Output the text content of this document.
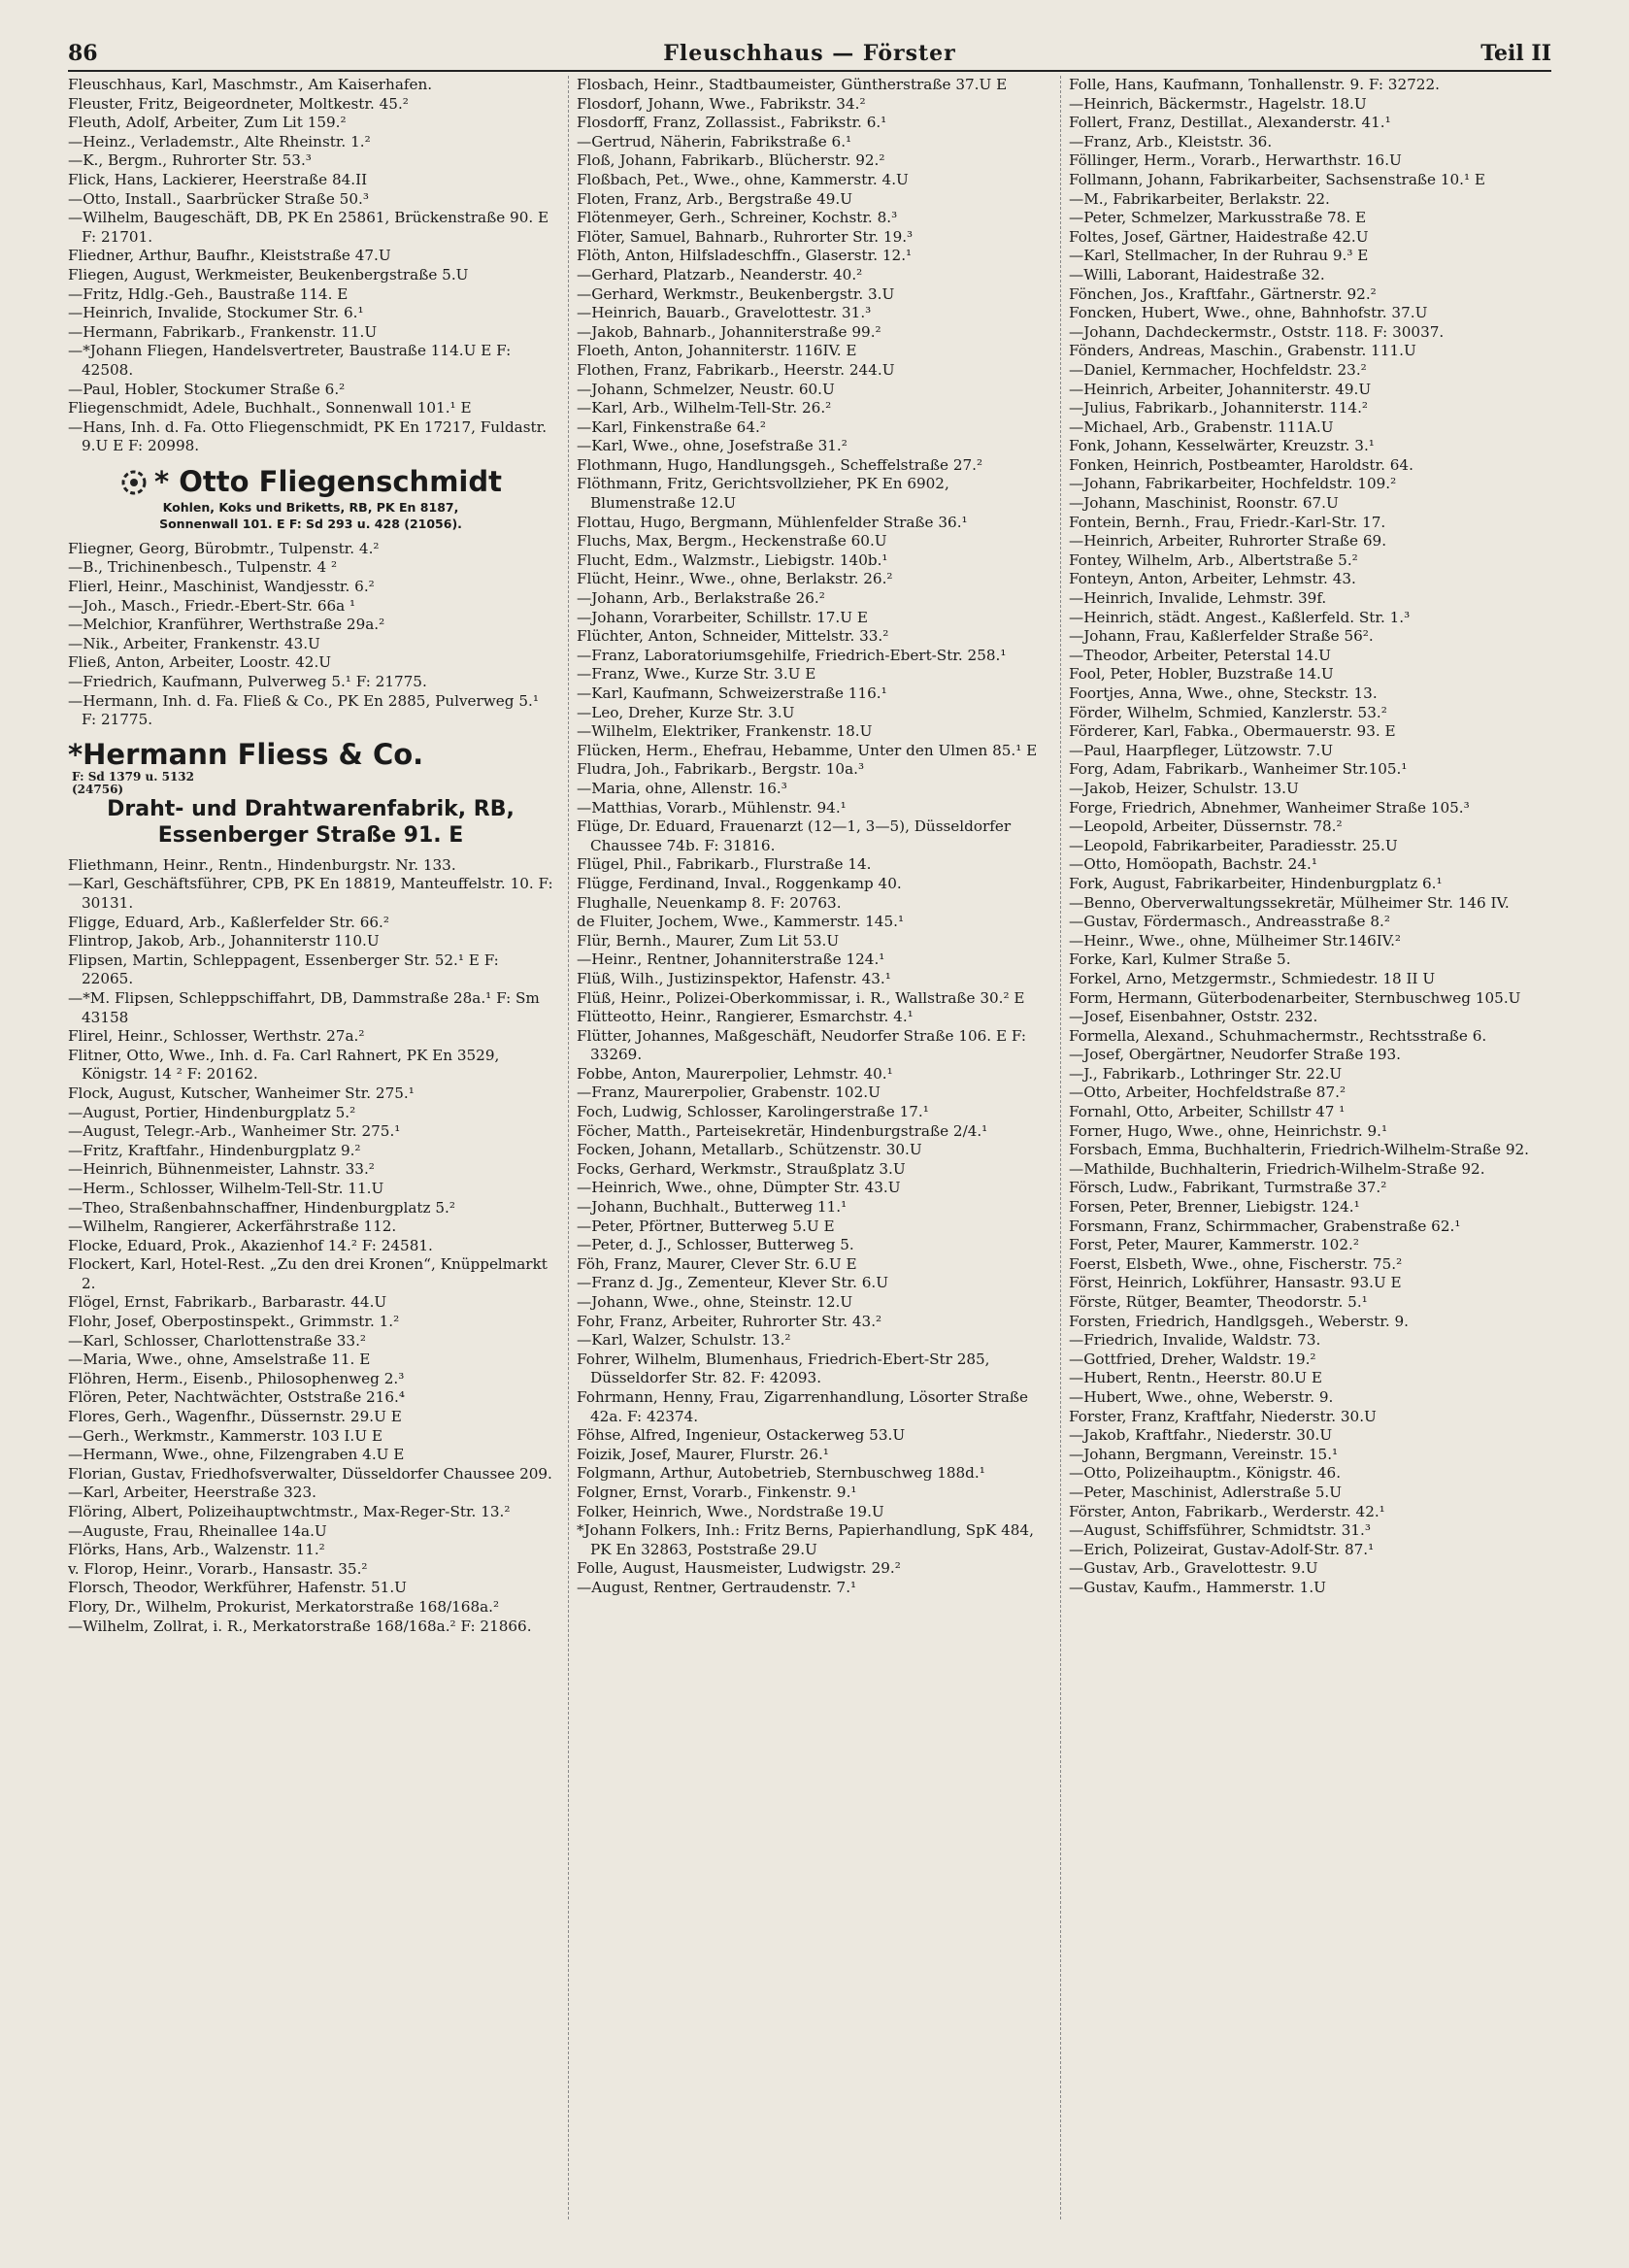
86	Fleuschhaus — Förster	Teil II
Fleuschhaus, Karl, Maschmstr., Am Kaiserhafen.
Fleuster, Fritz, Beigeordneter, Moltkestr. 45.²
Fleuth, Adolf, Arbeiter, Zum Lit 159.²
—Heinz., Verlademstr., Alte Rheinstr. 1.²
—K., Bergm., Ruhrorter Str. 53.³
Flick, Hans, Lackierer, Heerstraße 84.II
—Otto, Install., Saarbrücker Straße 50.³
—Wilhelm, Baugeschäft, DB, PK En 25861, Brückenstraße 90. E F: 21701.
Fliedner, Arthur, Baufhr., Kleiststraße 47.U
Fliegen, August, Werkmeister, Beukenbergstraße 5.U
—Fritz, Hdlg.-Geh., Baustraße 114. E
—Heinrich, Invalide, Stockumer Str. 6.¹
—Hermann, Fabrikarb., Frankenstr. 11.U
—*Johann Fliegen, Handelsvertreter, Baustraße 114.U E F: 42508.
—Paul, Hobler, Stockumer Straße 6.²
Fliegenschmidt, Adele, Buchhalt., Sonnenwall 101.¹ E
—Hans, Inh. d. Fa. Otto Fliegenschmidt, PK En 17217, Fuldastr. 9.U E F: 20998.
* Otto Fliegenschmidt
Kohlen, Koks und Briketts, RB, PK En 8187,
Sonnenwall 101. E F: Sd 293 u. 428 (21056).
Fliegner, Georg, Bürobmtr., Tulpenstr. 4.²
—B., Trichinenbesch., Tulpenstr. 4 ²
Flierl, Heinr., Maschinist, Wandjesstr. 6.²
—Joh., Masch., Friedr.-Ebert-Str. 66a ¹
—Melchior, Kranführer, Werthstraße 29a.²
—Nik., Arbeiter, Frankenstr. 43.U
Fließ, Anton, Arbeiter, Loostr. 42.U
—Friedrich, Kaufmann, Pulverweg 5.¹ F: 21775.
—Hermann, Inh. d. Fa. Fließ & Co., PK En 2885, Pulverweg 5.¹ F: 21775.
*Hermann Fliess & Co. F: Sd 1379 u. 5132
(24756)
Draht- und Drahtwarenfabrik, RB,
Essenberger Straße 91. E
Fliethmann, Heinr., Rentn., Hindenburgstr. Nr. 133.
—Karl, Geschäftsführer, CPB, PK En 18819, Manteuffelstr. 10. F: 30131.
Fligge, Eduard, Arb., Kaßlerfelder Str. 66.²
Flintrop, Jakob, Arb., Johanniterstr 110.U
Flipsen, Martin, Schleppagent, Essenberger Str. 52.¹ E F: 22065.
—*M. Flipsen, Schleppschiffahrt, DB, Dammstraße 28a.¹ F: Sm 43158
Flirel, Heinr., Schlosser, Werthstr. 27a.²
Flitner, Otto, Wwe., Inh. d. Fa. Carl Rahnert, PK En 3529, Königstr. 14 ² F: 20162.
Flock, August, Kutscher, Wanheimer Str. 275.¹
—August, Portier, Hindenburgplatz 5.²
—August, Telegr.-Arb., Wanheimer Str. 275.¹
—Fritz, Kraftfahr., Hindenburgplatz 9.²
—Heinrich, Bühnenmeister, Lahnstr. 33.²
—Herm., Schlosser, Wilhelm-Tell-Str. 11.U
—Theo, Straßenbahnschaffner, Hindenburgplatz 5.²
—Wilhelm, Rangierer, Ackerfährstraße 112.
Flocke, Eduard, Prok., Akazienhof 14.² F: 24581.
Flockert, Karl, Hotel-Rest. „Zu den drei Kronen“, Knüppelmarkt 2.
Flögel, Ernst, Fabrikarb., Barbarastr. 44.U
Flohr, Josef, Oberpostinspekt., Grimmstr. 1.²
—Karl, Schlosser, Charlottenstraße 33.²
—Maria, Wwe., ohne, Amselstraße 11. E
Flöhren, Herm., Eisenb., Philosophenweg 2.³
Flören, Peter, Nachtwächter, Oststraße 216.⁴
Flores, Gerh., Wagenfhr., Düssernstr. 29.U E
—Gerh., Werkmstr., Kammerstr. 103 I.U E
—Hermann, Wwe., ohne, Filzengraben 4.U E
Florian, Gustav, Friedhofsverwalter, Düsseldorfer Chaussee 209.
—Karl, Arbeiter, Heerstraße 323.
Flöring, Albert, Polizeihauptwchtmstr., Max-Reger-Str. 13.²
—Auguste, Frau, Rheinallee 14a.U
Flörks, Hans, Arb., Walzenstr. 11.²
v. Florop, Heinr., Vorarb., Hansastr. 35.²
Florsch, Theodor, Werkführer, Hafenstr. 51.U
Flory, Dr., Wilhelm, Prokurist, Merkatorstraße 168/168a.²
—Wilhelm, Zollrat, i. R., Merkatorstraße 168/168a.² F: 21866.
Flosbach, Heinr., Stadtbaumeister, Güntherstraße 37.U E
Flosdorf, Johann, Wwe., Fabrikstr. 34.²
Flosdorff, Franz, Zollassist., Fabrikstr. 6.¹
—Gertrud, Näherin, Fabrikstraße 6.¹
Floß, Johann, Fabrikarb., Blücherstr. 92.²
Floßbach, Pet., Wwe., ohne, Kammerstr. 4.U
Floten, Franz, Arb., Bergstraße 49.U
Flötenmeyer, Gerh., Schreiner, Kochstr. 8.³
Flöter, Samuel, Bahnarb., Ruhrorter Str. 19.³
Flöth, Anton, Hilfsladeschffn., Glaserstr. 12.¹
—Gerhard, Platzarb., Neanderstr. 40.²
—Gerhard, Werkmstr., Beukenbergstr. 3.U
—Heinrich, Bauarb., Gravelottestr. 31.³
—Jakob, Bahnarb., Johanniterstraße 99.²
Floeth, Anton, Johanniterstr. 116IV. E
Flothen, Franz, Fabrikarb., Heerstr. 244.U
—Johann, Schmelzer, Neustr. 60.U
—Karl, Arb., Wilhelm-Tell-Str. 26.²
—Karl, Finkenstraße 64.²
—Karl, Wwe., ohne, Josefstraße 31.²
Flothmann, Hugo, Handlungsgeh., Scheffelstraße 27.²
Flöthmann, Fritz, Gerichtsvollzieher, PK En 6902, Blumenstraße 12.U
Flottau, Hugo, Bergmann, Mühlenfelder Straße 36.¹
Fluchs, Max, Bergm., Heckenstraße 60.U
Flucht, Edm., Walzmstr., Liebigstr. 140b.¹
Flücht, Heinr., Wwe., ohne, Berlakstr. 26.²
—Johann, Arb., Berlakstraße 26.²
—Johann, Vorarbeiter, Schillstr. 17.U E
Flüchter, Anton, Schneider, Mittelstr. 33.²
—Franz, Laboratoriumsgehilfe, Friedrich-Ebert-Str. 258.¹
—Franz, Wwe., Kurze Str. 3.U E
—Karl, Kaufmann, Schweizerstraße 116.¹
—Leo, Dreher, Kurze Str. 3.U
—Wilhelm, Elektriker, Frankenstr. 18.U
Flücken, Herm., Ehefrau, Hebamme, Unter den Ulmen 85.¹ E
Fludra, Joh., Fabrikarb., Bergstr. 10a.³
—Maria, ohne, Allenstr. 16.³
—Matthias, Vorarb., Mühlenstr. 94.¹
Flüge, Dr. Eduard, Frauenarzt (12—1, 3—5), Düsseldorfer Chaussee 74b. F: 31816.
Flügel, Phil., Fabrikarb., Flurstraße 14.
Flügge, Ferdinand, Inval., Roggenkamp 40.
Flughalle, Neuenkamp 8. F: 20763.
de Fluiter, Jochem, Wwe., Kammerstr. 145.¹
Flür, Bernh., Maurer, Zum Lit 53.U
—Heinr., Rentner, Johanniterstraße 124.¹
Flüß, Wilh., Justizinspektor, Hafenstr. 43.¹
Flüß, Heinr., Polizei-Oberkommissar, i. R., Wallstraße 30.² E
Flütteotto, Heinr., Rangierer, Esmarchstr. 4.¹
Flütter, Johannes, Maßgeschäft, Neudorfer Straße 106. E F: 33269.
Fobbe, Anton, Maurerpolier, Lehmstr. 40.¹
—Franz, Maurerpolier, Grabenstr. 102.U
Foch, Ludwig, Schlosser, Karolingerstraße 17.¹
Föcher, Matth., Parteisekretär, Hindenburgstraße 2/4.¹
Focken, Johann, Metallarb., Schützenstr. 30.U
Focks, Gerhard, Werkmstr., Straußplatz 3.U
—Heinrich, Wwe., ohne, Dümpter Str. 43.U
—Johann, Buchhalt., Butterweg 11.¹
—Peter, Pförtner, Butterweg 5.U E
—Peter, d. J., Schlosser, Butterweg 5.
Föh, Franz, Maurer, Clever Str. 6.U E
—Franz d. Jg., Zementeur, Klever Str. 6.U
—Johann, Wwe., ohne, Steinstr. 12.U
Fohr, Franz, Arbeiter, Ruhrorter Str. 43.²
—Karl, Walzer, Schulstr. 13.²
Fohrer, Wilhelm, Blumenhaus, Friedrich-Ebert-Str 285, Düsseldorfer Str. 82. F: 42093.
Fohrmann, Henny, Frau, Zigarrenhandlung, Lösorter Straße 42a. F: 42374.
Föhse, Alfred, Ingenieur, Ostackerweg 53.U
Foizik, Josef, Maurer, Flurstr. 26.¹
Folgmann, Arthur, Autobetrieb, Sternbuschweg 188d.¹
Folgner, Ernst, Vorarb., Finkenstr. 9.¹
Folker, Heinrich, Wwe., Nordstraße 19.U
*Johann Folkers, Inh.: Fritz Berns, Papierhandlung, SpK 484, PK En 32863, Poststraße 29.U
Folle, August, Hausmeister, Ludwigstr. 29.²
—August, Rentner, Gertraudenstr. 7.¹
Folle, Hans, Kaufmann, Tonhallenstr. 9. F: 32722.
—Heinrich, Bäckermstr., Hagelstr. 18.U
Follert, Franz, Destillat., Alexanderstr. 41.¹
—Franz, Arb., Kleiststr. 36.
Föllinger, Herm., Vorarb., Herwarthstr. 16.U
Follmann, Johann, Fabrikarbeiter, Sachsenstraße 10.¹ E
—M., Fabrikarbeiter, Berlakstr. 22.
—Peter, Schmelzer, Markusstraße 78. E
Foltes, Josef, Gärtner, Haidestraße 42.U
—Karl, Stellmacher, In der Ruhrau 9.³ E
—Willi, Laborant, Haidestraße 32.
Fönchen, Jos., Kraftfahr., Gärtnerstr. 92.²
Foncken, Hubert, Wwe., ohne, Bahnhofstr. 37.U
—Johann, Dachdeckermstr., Oststr. 118. F: 30037.
Fönders, Andreas, Maschin., Grabenstr. 111.U
—Daniel, Kernmacher, Hochfeldstr. 23.²
—Heinrich, Arbeiter, Johanniterstr. 49.U
—Julius, Fabrikarb., Johanniterstr. 114.²
—Michael, Arb., Grabenstr. 111A.U
Fonk, Johann, Kesselwärter, Kreuzstr. 3.¹
Fonken, Heinrich, Postbeamter, Haroldstr. 64.
—Johann, Fabrikarbeiter, Hochfeldstr. 109.²
—Johann, Maschinist, Roonstr. 67.U
Fontein, Bernh., Frau, Friedr.-Karl-Str. 17.
—Heinrich, Arbeiter, Ruhrorter Straße 69.
Fontey, Wilhelm, Arb., Albertstraße 5.²
Fonteyn, Anton, Arbeiter, Lehmstr. 43.
—Heinrich, Invalide, Lehmstr. 39f.
—Heinrich, städt. Angest., Kaßlerfeld. Str. 1.³
—Johann, Frau, Kaßlerfelder Straße 56².
—Theodor, Arbeiter, Peterstal 14.U
Fool, Peter, Hobler, Buzstraße 14.U
Foortjes, Anna, Wwe., ohne, Steckstr. 13.
Förder, Wilhelm, Schmied, Kanzlerstr. 53.²
Förderer, Karl, Fabka., Obermauerstr. 93. E
—Paul, Haarpfleger, Lützowstr. 7.U
Forg, Adam, Fabrikarb., Wanheimer Str.105.¹
—Jakob, Heizer, Schulstr. 13.U
Forge, Friedrich, Abnehmer, Wanheimer Straße 105.³
—Leopold, Arbeiter, Düssernstr. 78.²
—Leopold, Fabrikarbeiter, Paradiesstr. 25.U
—Otto, Homöopath, Bachstr. 24.¹
Fork, August, Fabrikarbeiter, Hindenburgplatz 6.¹
—Benno, Oberverwaltungssekretär, Mülheimer Str. 146 IV.
—Gustav, Fördermasch., Andreasstraße 8.²
—Heinr., Wwe., ohne, Mülheimer Str.146IV.²
Forke, Karl, Kulmer Straße 5.
Forkel, Arno, Metzgermstr., Schmiedestr. 18 II U
Form, Hermann, Güterbodenarbeiter, Sternbuschweg 105.U
—Josef, Eisenbahner, Oststr. 232.
Formella, Alexand., Schuhmachermstr., Rechtsstraße 6.
—Josef, Obergärtner, Neudorfer Straße 193.
—J., Fabrikarb., Lothringer Str. 22.U
—Otto, Arbeiter, Hochfeldstraße 87.²
Fornahl, Otto, Arbeiter, Schillstr 47 ¹
Forner, Hugo, Wwe., ohne, Heinrichstr. 9.¹
Forsbach, Emma, Buchhalterin, Friedrich-Wilhelm-Straße 92.
—Mathilde, Buchhalterin, Friedrich-Wilhelm-Straße 92.
Försch, Ludw., Fabrikant, Turmstraße 37.²
Forsen, Peter, Brenner, Liebigstr. 124.¹
Forsmann, Franz, Schirmmacher, Grabenstraße 62.¹
Forst, Peter, Maurer, Kammerstr. 102.²
Foerst, Elsbeth, Wwe., ohne, Fischerstr. 75.²
Först, Heinrich, Lokführer, Hansastr. 93.U E
Förste, Rütger, Beamter, Theodorstr. 5.¹
Forsten, Friedrich, Handlgsgeh., Weberstr. 9.
—Friedrich, Invalide, Waldstr. 73.
—Gottfried, Dreher, Waldstr. 19.²
—Hubert, Rentn., Heerstr. 80.U E
—Hubert, Wwe., ohne, Weberstr. 9.
Forster, Franz, Kraftfahr, Niederstr. 30.U
—Jakob, Kraftfahr., Niederstr. 30.U
—Johann, Bergmann, Vereinstr. 15.¹
—Otto, Polizeihauptm., Königstr. 46.
—Peter, Maschinist, Adlerstraße 5.U
Förster, Anton, Fabrikarb., Werderstr. 42.¹
—August, Schiffsführer, Schmidtstr. 31.³
—Erich, Polizeirat, Gustav-Adolf-Str. 87.¹
—Gustav, Arb., Gravelottestr. 9.U
—Gustav, Kaufm., Hammerstr. 1.U
